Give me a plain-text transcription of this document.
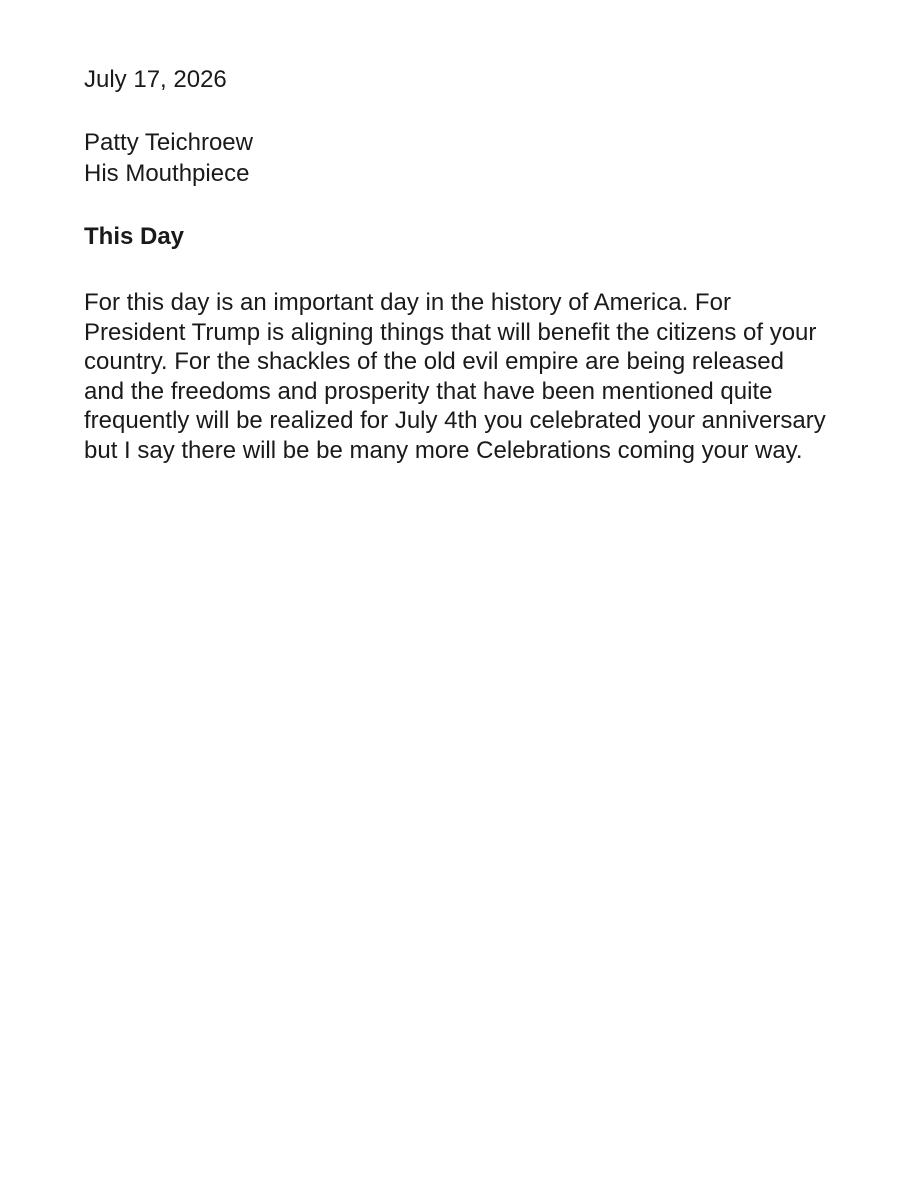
July 17, 2026
Patty Teichroew
His Mouthpiece
This Day
For this day is an important day in the history of America. For
President Trump is aligning things that will benefit the citizens of your
country. For the shackles of the old evil empire are being released
and the freedoms and prosperity that have been mentioned quite
frequently will be realized for July 4th you celebrated your anniversary
but I say there will be be many more Celebrations coming your way.
